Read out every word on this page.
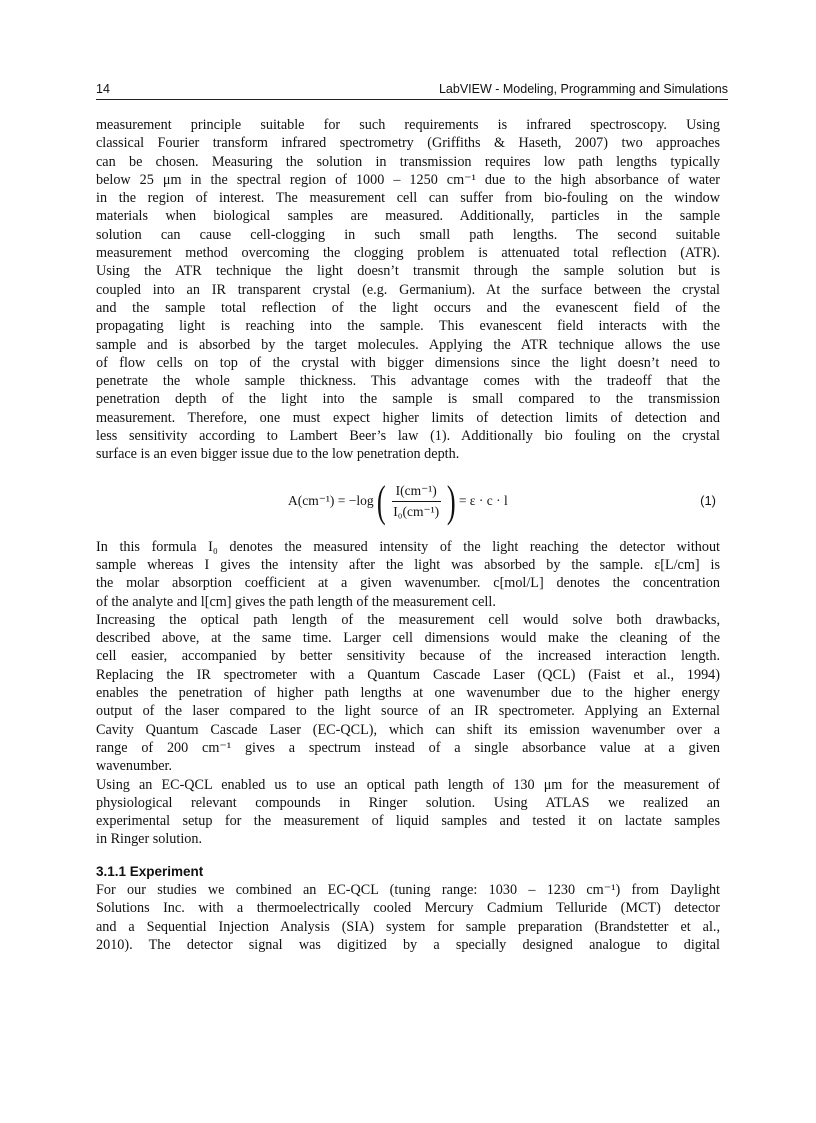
14	LabVIEW - Modeling, Programming and Simulations
measurement principle suitable for such requirements is infrared spectroscopy. Using
classical Fourier transform infrared spectrometry (Griffiths & Haseth, 2007) two approaches
can be chosen. Measuring the solution in transmission requires low path lengths typically
below 25 μm in the spectral region of 1000 – 1250 cm⁻¹ due to the high absorbance of water
in the region of interest. The measurement cell can suffer from bio-fouling on the window
materials when biological samples are measured. Additionally, particles in the sample
solution can cause cell-clogging in such small path lengths. The second suitable
measurement method overcoming the clogging problem is attenuated total reflection (ATR).
Using the ATR technique the light doesn’t transmit through the sample solution but is
coupled into an IR transparent crystal (e.g. Germanium). At the surface between the crystal
and the sample total reflection of the light occurs and the evanescent field of the
propagating light is reaching into the sample. This evanescent field interacts with the
sample and is absorbed by the target molecules. Applying the ATR technique allows the use
of flow cells on top of the crystal with bigger dimensions since the light doesn’t need to
penetrate the whole sample thickness. This advantage comes with the tradeoff that the
penetration depth of the light into the sample is small compared to the transmission
measurement. Therefore, one must expect higher limits of detection limits of detection and
less sensitivity according to Lambert Beer’s law (1). Additionally bio fouling on the crystal
surface is an even bigger issue due to the low penetration depth.
A(cm⁻¹) = −log ( $\frac{\text{I(cm⁻¹)}}{\text{I₀(cm⁻¹)}}$ ) = ε · c · l	(1)
In this formula I₀ denotes the measured intensity of the light reaching the detector without
sample whereas I gives the intensity after the light was absorbed by the sample. ε[L/cm] is
the molar absorption coefficient at a given wavenumber. c[mol/L] denotes the concentration
of the analyte and l[cm] gives the path length of the measurement cell.
Increasing the optical path length of the measurement cell would solve both drawbacks,
described above, at the same time. Larger cell dimensions would make the cleaning of the
cell easier, accompanied by better sensitivity because of the increased interaction length.
Replacing the IR spectrometer with a Quantum Cascade Laser (QCL) (Faist et al., 1994)
enables the penetration of higher path lengths at one wavenumber due to the higher energy
output of the laser compared to the light source of an IR spectrometer. Applying an External
Cavity Quantum Cascade Laser (EC-QCL), which can shift its emission wavenumber over a
range of 200 cm⁻¹ gives a spectrum instead of a single absorbance value at a given
wavenumber.
Using an EC-QCL enabled us to use an optical path length of 130 μm for the measurement of
physiological relevant compounds in Ringer solution. Using ATLAS we realized an
experimental setup for the measurement of liquid samples and tested it on lactate samples
in Ringer solution.
3.1.1 Experiment
For our studies we combined an EC-QCL (tuning range: 1030 – 1230 cm⁻¹) from Daylight
Solutions Inc. with a thermoelectrically cooled Mercury Cadmium Telluride (MCT) detector
and a Sequential Injection Analysis (SIA) system for sample preparation (Brandstetter et al.,
2010). The detector signal was digitized by a specially designed analogue to digital
